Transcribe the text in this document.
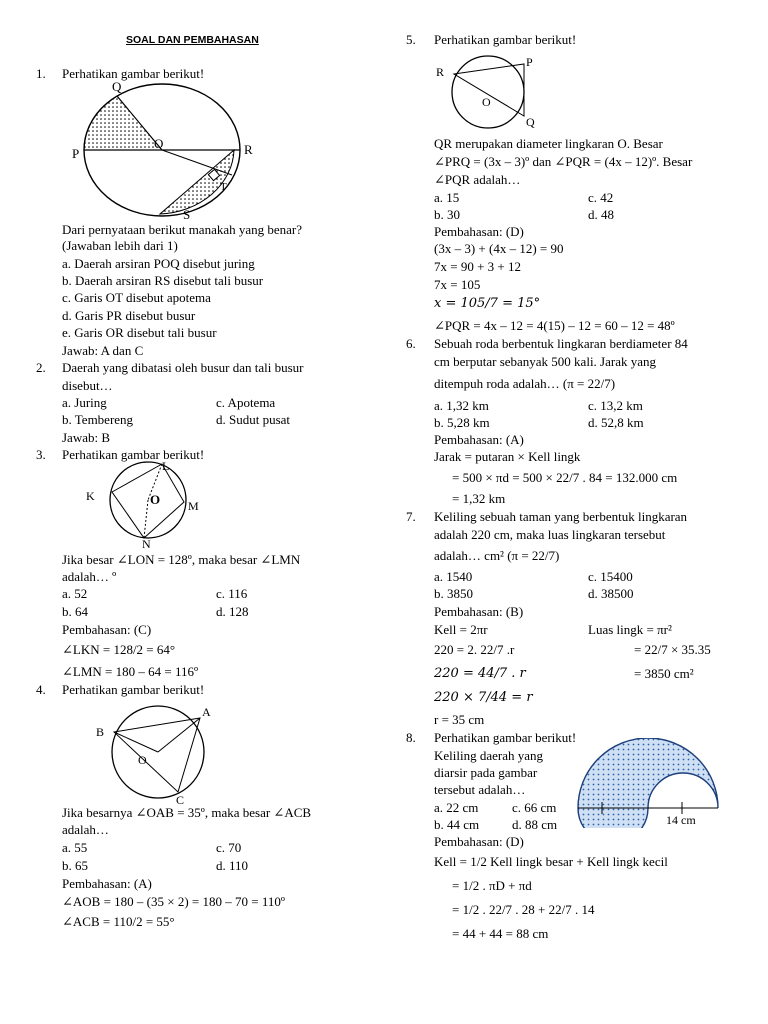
SOAL DAN PEMBAHASAN
1. Perhatikan gambar berikut!
Q
O
P	R
S
T
Dari pernyataan berikut manakah yang benar?
(Jawaban lebih dari 1)
a. Daerah arsiran POQ disebut juring
b. Daerah arsiran RS disebut tali busur
c. Garis OT disebut apotema
d. Garis PR disebut busur
e. Garis OR disebut tali busur
Jawab: A dan C
2. Daerah yang dibatasi oleh busur dan tali busur
disebut…
a. Juring	c. Apotema
b. Tembereng	d. Sudut pusat
Jawab: B
3. Perhatikan gambar berikut!
L
K	O M
N
Jika besar ∠LON = 128º, maka besar ∠LMN
adalah… º
a. 52	c. 116
b. 64	d. 128
Pembahasan: (C)
∠LKN = 128/2 = 64°
∠LMN = 180 – 64 = 116º
4. Perhatikan gambar berikut!
A
B
O
C
Jika besarnya ∠OAB = 35º, maka besar ∠ACB
adalah…
a. 55	c. 70
b. 65	d. 110
Pembahasan: (A)
∠AOB = 180 – (35 × 2) = 180 – 70 = 110º
∠ACB = 110/2 = 55°
5. Perhatikan gambar berikut!
R
P
O
Q
QR merupakan diameter lingkaran O. Besar
∠PRQ = (3x – 3)º dan ∠PQR = (4x – 12)º. Besar
∠PQR adalah…
a. 15	c. 42
b. 30	d. 48
Pembahasan: (D)
(3x – 3) + (4x – 12) = 90
7x = 90 + 3 + 12
7x = 105
x = 105/7 = 15°
∠PQR = 4x – 12 = 4(15) – 12 = 60 – 12 = 48º
6. Sebuah roda berbentuk lingkaran berdiameter 84
cm berputar sebanyak 500 kali. Jarak yang
ditempuh roda adalah… (π = 22/7)
a. 1,32 km	c. 13,2 km
b. 5,28 km	d. 52,8 km
Pembahasan: (A)
Jarak = putaran × Kell lingk
= 500 × πd = 500 × 22/7 . 84 = 132.000 cm
= 1,32 km
7. Keliling sebuah taman yang berbentuk lingkaran
adalah 220 cm, maka luas lingkaran tersebut
adalah… cm² (π = 22/7)
a. 1540	c. 15400
b. 3850	d. 38500
Pembahasan: (B)
Kell = 2πr
220 = 2. 22/7 .r
220 = 44/7 . r
220 × 7/44 = r
r = 35 cm
Luas lingk = πr²
= 22/7 × 35.35
= 3850 cm²
8. Perhatikan gambar berikut!
Keliling daerah yang
diarsir pada gambar
tersebut adalah…
14 cm
a. 22 cm	c. 66 cm
b. 44 cm	d. 88 cm
Pembahasan: (D)
Kell = 1/2 Kell lingk besar + Kell lingk kecil
= 1/2 . πD + πd
= 1/2 . 22/7 . 28 + 22/7 . 14
= 44 + 44 = 88 cm
